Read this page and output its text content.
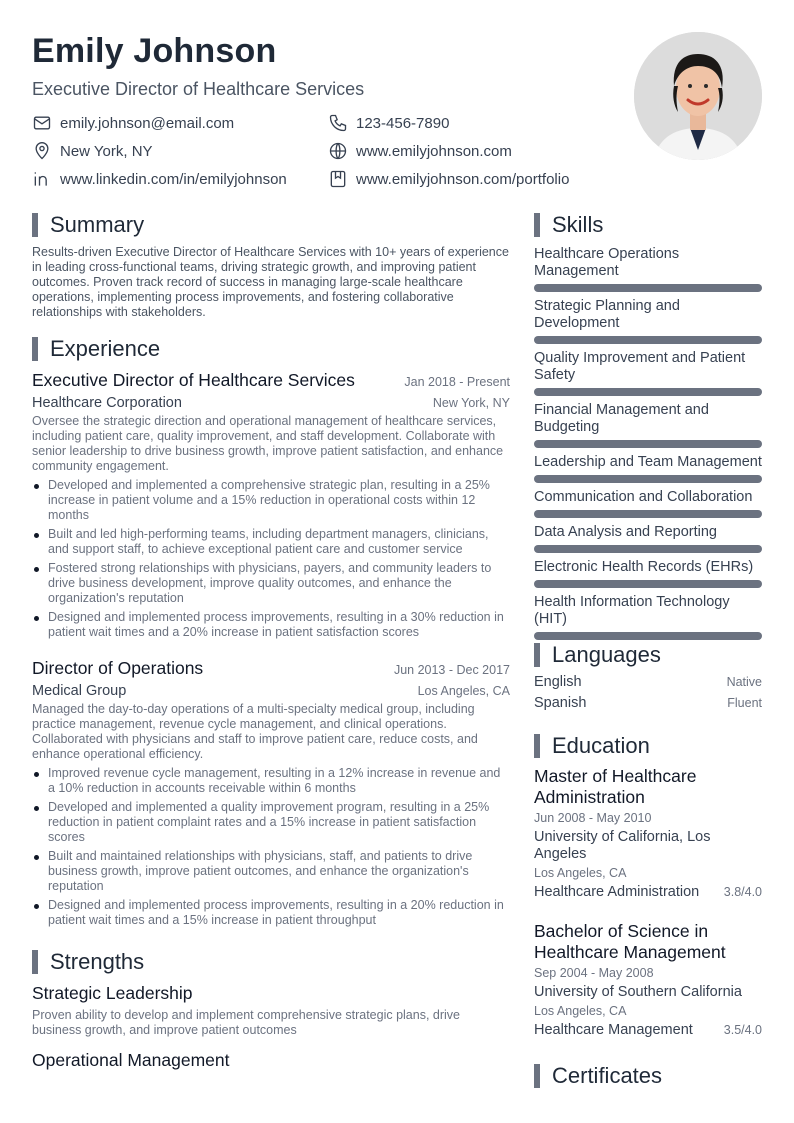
Emily Johnson
Executive Director of Healthcare Services
emily.johnson@email.com	123-456-7890
New York, NY	www.emilyjohnson.com
www.linkedin.com/in/emilyjohnson	www.emilyjohnson.com/portfolio
Summary
Results-driven Executive Director of Healthcare Services with 10+ years of experience in leading cross-functional teams, driving strategic growth, and improving patient outcomes. Proven track record of success in managing large-scale healthcare operations, implementing process improvements, and fostering collaborative relationships with stakeholders.
Experience
Executive Director of Healthcare Services	Jan 2018 - Present
Healthcare Corporation	New York, NY
Oversee the strategic direction and operational management of healthcare services, including patient care, quality improvement, and staff development. Collaborate with senior leadership to drive business growth, improve patient satisfaction, and enhance community engagement.
Developed and implemented a comprehensive strategic plan, resulting in a 25% increase in patient volume and a 15% reduction in operational costs within 12 months
Built and led high-performing teams, including department managers, clinicians, and support staff, to achieve exceptional patient care and customer service
Fostered strong relationships with physicians, payers, and community leaders to drive business development, improve quality outcomes, and enhance the organization's reputation
Designed and implemented process improvements, resulting in a 30% reduction in patient wait times and a 20% increase in patient satisfaction scores
Director of Operations	Jun 2013 - Dec 2017
Medical Group	Los Angeles, CA
Managed the day-to-day operations of a multi-specialty medical group, including practice management, revenue cycle management, and clinical operations. Collaborated with physicians and staff to improve patient care, reduce costs, and enhance operational efficiency.
Improved revenue cycle management, resulting in a 12% increase in revenue and a 10% reduction in accounts receivable within 6 months
Developed and implemented a quality improvement program, resulting in a 25% reduction in patient complaint rates and a 15% increase in patient satisfaction scores
Built and maintained relationships with physicians, staff, and patients to drive business growth, improve patient outcomes, and enhance the organization's reputation
Designed and implemented process improvements, resulting in a 20% reduction in patient wait times and a 15% increase in patient throughput
Strengths
Strategic Leadership
Proven ability to develop and implement comprehensive strategic plans, drive business growth, and improve patient outcomes
Operational Management
Skills
Healthcare Operations Management
Strategic Planning and Development
Quality Improvement and Patient Safety
Financial Management and Budgeting
Leadership and Team Management
Communication and Collaboration
Data Analysis and Reporting
Electronic Health Records (EHRs)
Health Information Technology (HIT)
Languages
English	Native
Spanish	Fluent
Education
Master of Healthcare Administration
Jun 2008 - May 2010
University of California, Los Angeles
Los Angeles, CA
Healthcare Administration 3.8/4.0
Bachelor of Science in Healthcare Management
Sep 2004 - May 2008
University of Southern California
Los Angeles, CA
Healthcare Management 3.5/4.0
Certificates
